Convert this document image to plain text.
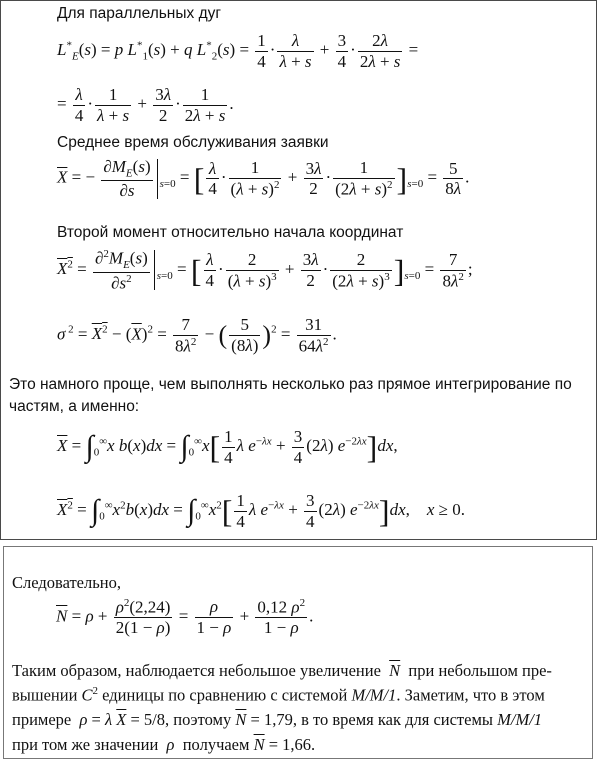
Для параллельных дуг
$L^*_E(s) = p$ $L^*_1(s) + q$ $L^*_2(s) = \frac{1}{4} \cdot \frac{\lambda}{\lambda + s} + \frac{3}{4} \cdot \frac{2\lambda}{2\lambda + s}$ =
= $\frac{\lambda}{4} \cdot \frac{1}{\lambda + s} + \frac{3\lambda}{2} \cdot \frac{1}{2\lambda + s}$ .
Среднее время обслуживания заявки
$\overline{X}$ = − $\frac{\partial M_E(s)}{\partial s} _{s=0}$ = [ $\frac{\lambda}{4} \cdot \frac{1}{(\lambda + s)^2} + \frac{3\lambda}{2} \cdot \frac{1}{(2\lambda + s)^2} ]_{s=0} = \frac{5}{8\lambda}$ .
Второй момент относительно начала координат
$X^2 = \frac{\partial^2M_E(s)}{\partial s^2} _{s=0}$ = [ $\frac{\lambda}{4} \cdot \frac{2}{(\lambda + s)^3} + \frac{3\lambda}{2} \cdot \frac{2}{(2\lambda + s)^3} ]_{s=0} = \frac{7}{8\lambda^2}$ ;
σ $^2 = X^2 - (\overline{X})^2 = \frac{7}{8\lambda^2}$ − ( $\frac{5}{(8\lambda)} )^2 = \frac{31}{64\lambda^2}$ .
Это намного проще, чем выполнять несколько раз прямое интегрирование по
частям, а именно:
$\overline{X} = \int_0^\infty x$ $b(x)dx = \int_0^\infty x[ \frac{1}{4}$ λ $e^{-\lambda x} + \frac{3}{4} (2\lambda)$ $e^{-2\lambda x}]dx$,
$X^2 = \int_0^\infty x^2b(x)dx = \int_0^\infty x^2[ \frac{1}{4}$ λ $e^{-\lambda x} + \frac{3}{4} (2\lambda)$ $e^{-2\lambda x}]dx$,    x ≥ 0.
Следовательно,
$\overline{N} = \rho + \frac{\rho^2(2,24)}{2(1 - \rho)} = \frac{\rho}{1 - \rho} + \frac{0,12 \rho^2}{1 - \rho}$ .
Таким образом, наблюдается небольшое увеличение $\overline{N}$ при небольшом пре-
вышении $C^2$ единицы по сравнению с системой M/M/1. Заметим, что в этом
примере ρ = λ $\overline{X} = 5/8$, поэтому $\overline{N} = 1,79$, в то время как для системы M/M/1
при том же значении ρ получаем $\overline{N} = 1,66$.
